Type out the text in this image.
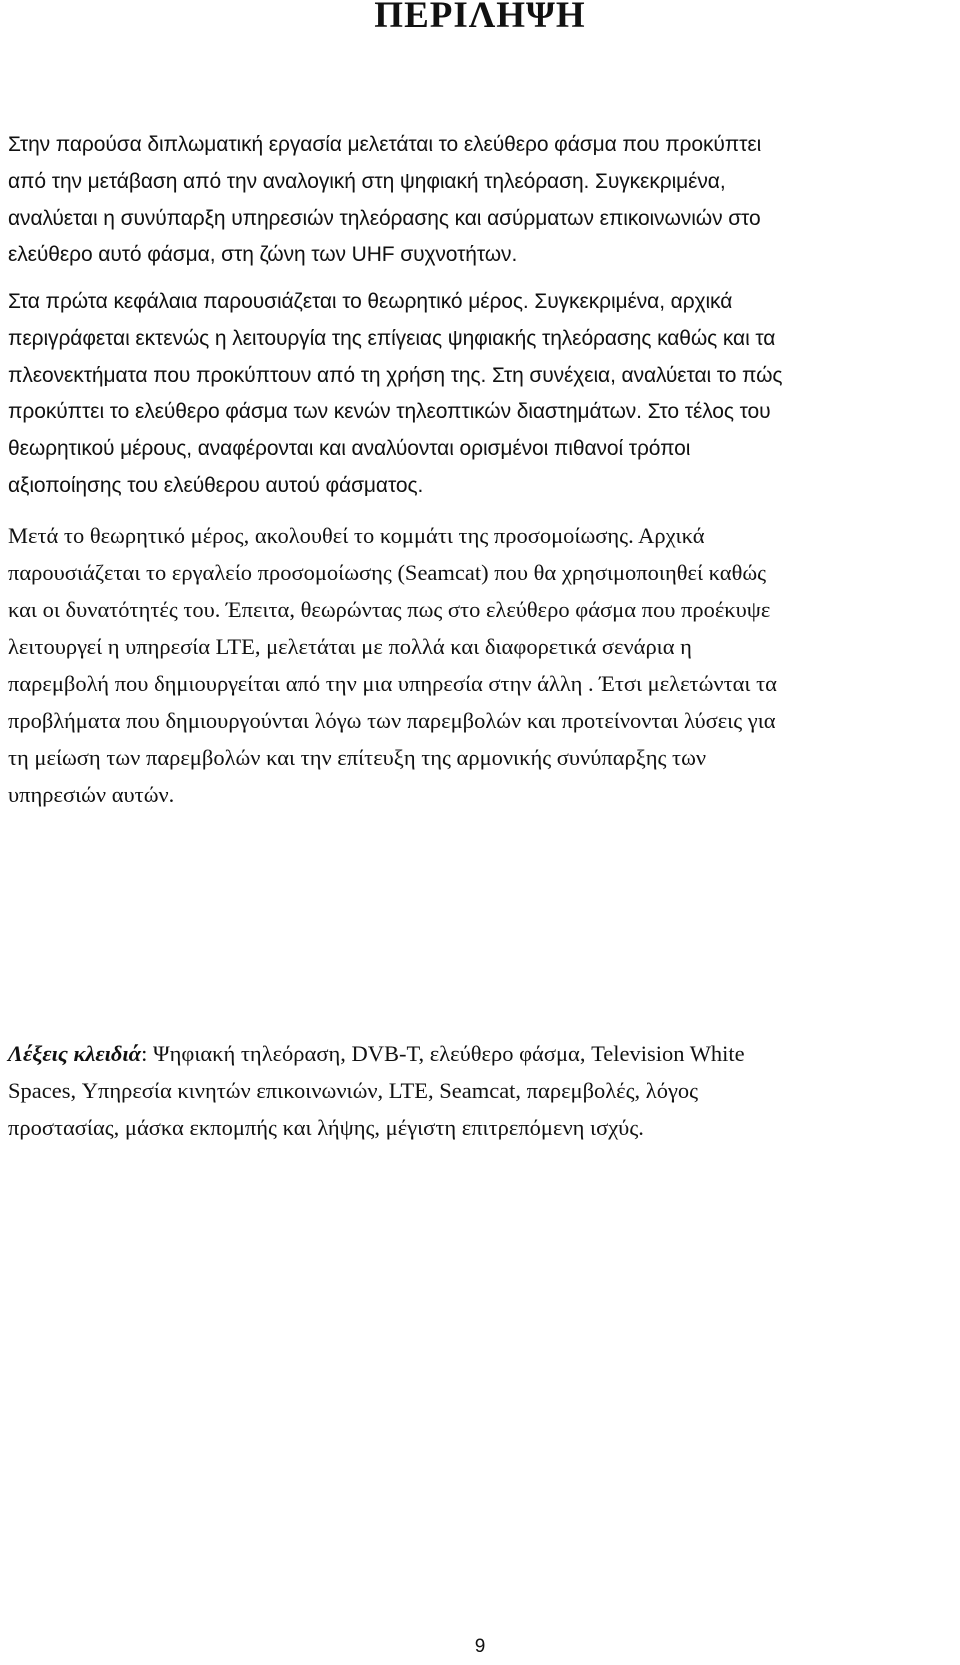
ΠΕΡΙΛΗΨΗ

Στην παρούσα διπλωματική εργασία μελετάται το ελεύθερο φάσμα που προκύπτει
από την μετάβαση από την αναλογική στη ψηφιακή τηλεόραση. Συγκεκριμένα,
αναλύεται η συνύπαρξη υπηρεσιών τηλεόρασης και ασύρματων επικοινωνιών στο
ελεύθερο αυτό φάσμα, στη ζώνη των UHF συχνοτήτων.

Στα πρώτα κεφάλαια παρουσιάζεται το θεωρητικό μέρος. Συγκεκριμένα, αρχικά
περιγράφεται εκτενώς η λειτουργία της επίγειας ψηφιακής τηλεόρασης καθώς και τα
πλεονεκτήματα που προκύπτουν από τη χρήση της. Στη συνέχεια, αναλύεται το πώς
προκύπτει το ελεύθερο φάσμα των κενών τηλεοπτικών διαστημάτων. Στο τέλος του
θεωρητικού μέρους, αναφέρονται και αναλύονται ορισμένοι πιθανοί τρόποι
αξιοποίησης του ελεύθερου αυτού φάσματος.

Μετά το θεωρητικό μέρος, ακολουθεί το κομμάτι της προσομοίωσης. Αρχικά
παρουσιάζεται το εργαλείο προσομοίωσης (Seamcat) που θα χρησιμοποιηθεί καθώς
και οι δυνατότητές του. Έπειτα, θεωρώντας πως στο ελεύθερο φάσμα που προέκυψε
λειτουργεί η υπηρεσία LTE, μελετάται με πολλά και διαφορετικά σενάρια η
παρεμβολή που δημιουργείται από την μια υπηρεσία στην άλλη . Έτσι μελετώνται τα
προβλήματα που δημιουργούνται λόγω των παρεμβολών και προτείνονται λύσεις για
τη μείωση των παρεμβολών και την επίτευξη της αρμονικής συνύπαρξης των
υπηρεσιών αυτών.

Λέξεις κλειδιά: Ψηφιακή τηλεόραση, DVB-T, ελεύθερο φάσμα, Television White
Spaces, Υπηρεσία κινητών επικοινωνιών, LTE, Seamcat, παρεμβολές, λόγος
προστασίας, μάσκα εκπομπής και λήψης, μέγιστη επιτρεπόμενη ισχύς.

9
